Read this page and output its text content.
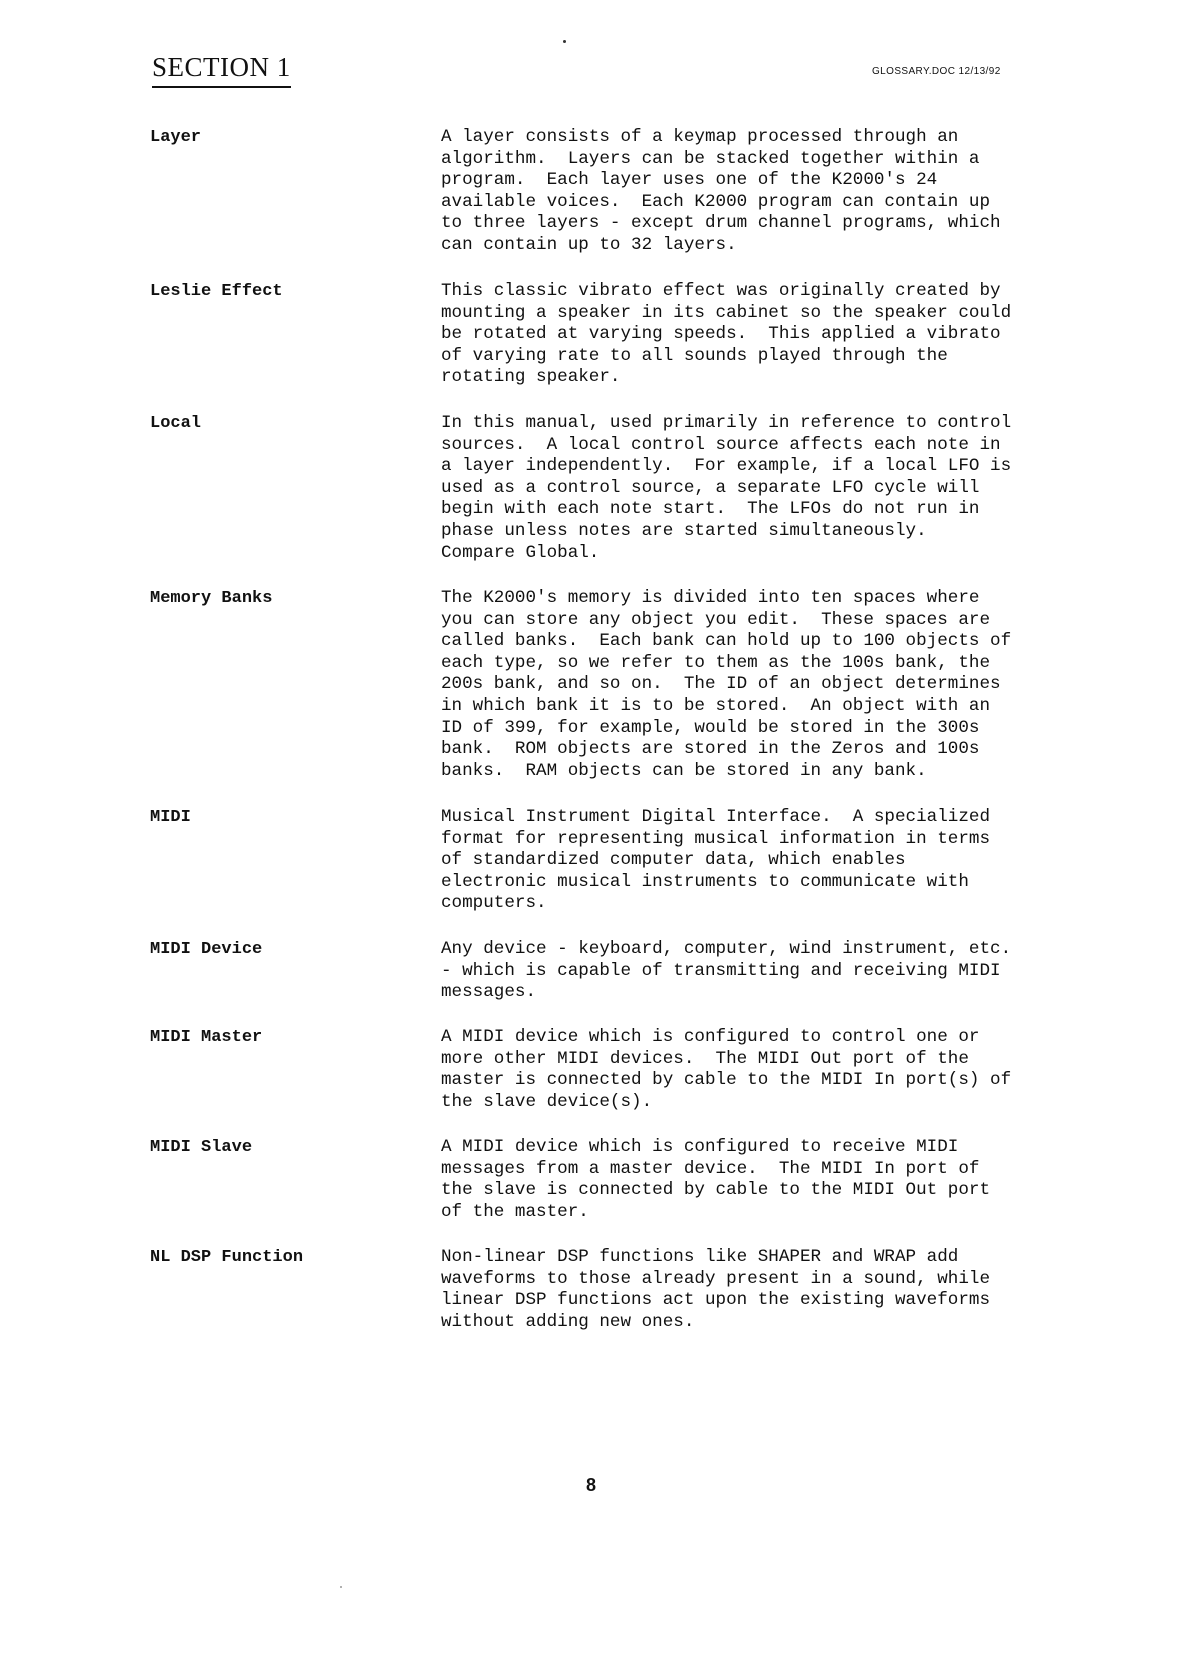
SECTION 1	GLOSSARY.DOC 12/13/92
Layer	A layer consists of a keymap processed through an
algorithm.  Layers can be stacked together within a
program.  Each layer uses one of the K2000's 24
available voices.  Each K2000 program can contain up
to three layers - except drum channel programs, which
can contain up to 32 layers.
Leslie Effect	This classic vibrato effect was originally created by
mounting a speaker in its cabinet so the speaker could
be rotated at varying speeds.  This applied a vibrato
of varying rate to all sounds played through the
rotating speaker.
Local	In this manual, used primarily in reference to control
sources.  A local control source affects each note in
a layer independently.  For example, if a local LFO is
used as a control source, a separate LFO cycle will
begin with each note start.  The LFOs do not run in
phase unless notes are started simultaneously.
Compare Global.
Memory Banks	The K2000's memory is divided into ten spaces where
you can store any object you edit.  These spaces are
called banks.  Each bank can hold up to 100 objects of
each type, so we refer to them as the 100s bank, the
200s bank, and so on.  The ID of an object determines
in which bank it is to be stored.  An object with an
ID of 399, for example, would be stored in the 300s
bank.  ROM objects are stored in the Zeros and 100s
banks.  RAM objects can be stored in any bank.
MIDI	Musical Instrument Digital Interface.  A specialized
format for representing musical information in terms
of standardized computer data, which enables
electronic musical instruments to communicate with
computers.
MIDI Device	Any device - keyboard, computer, wind instrument, etc.
- which is capable of transmitting and receiving MIDI
messages.
MIDI Master	A MIDI device which is configured to control one or
more other MIDI devices.  The MIDI Out port of the
master is connected by cable to the MIDI In port(s) of
the slave device(s).
MIDI Slave	A MIDI device which is configured to receive MIDI
messages from a master device.  The MIDI In port of
the slave is connected by cable to the MIDI Out port
of the master.
NL DSP Function	Non-linear DSP functions like SHAPER and WRAP add
waveforms to those already present in a sound, while
linear DSP functions act upon the existing waveforms
without adding new ones.
8
